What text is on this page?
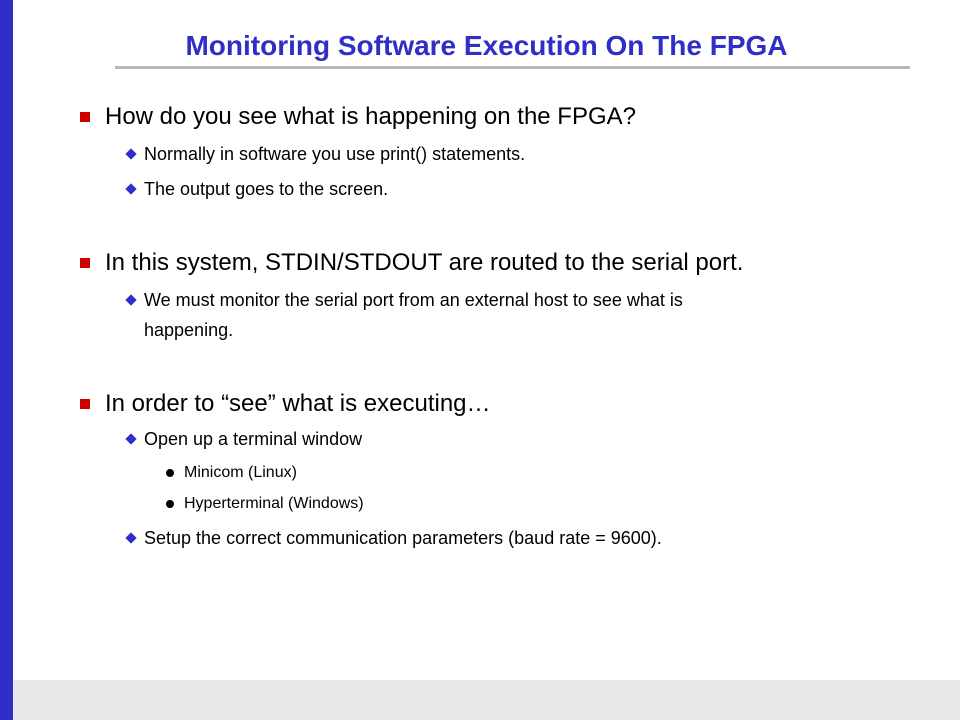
Monitoring Software Execution On The FPGA
How do you see what is happening on the FPGA?
Normally in software you use print() statements.
The output goes to the screen.
In this system, STDIN/STDOUT are routed to the serial port.
We must monitor the serial port from an external host to see what is
happening.
In order to “see” what is executing…
Open up a terminal window
Minicom (Linux)
Hyperterminal (Windows)
Setup the correct communication parameters (baud rate = 9600).
